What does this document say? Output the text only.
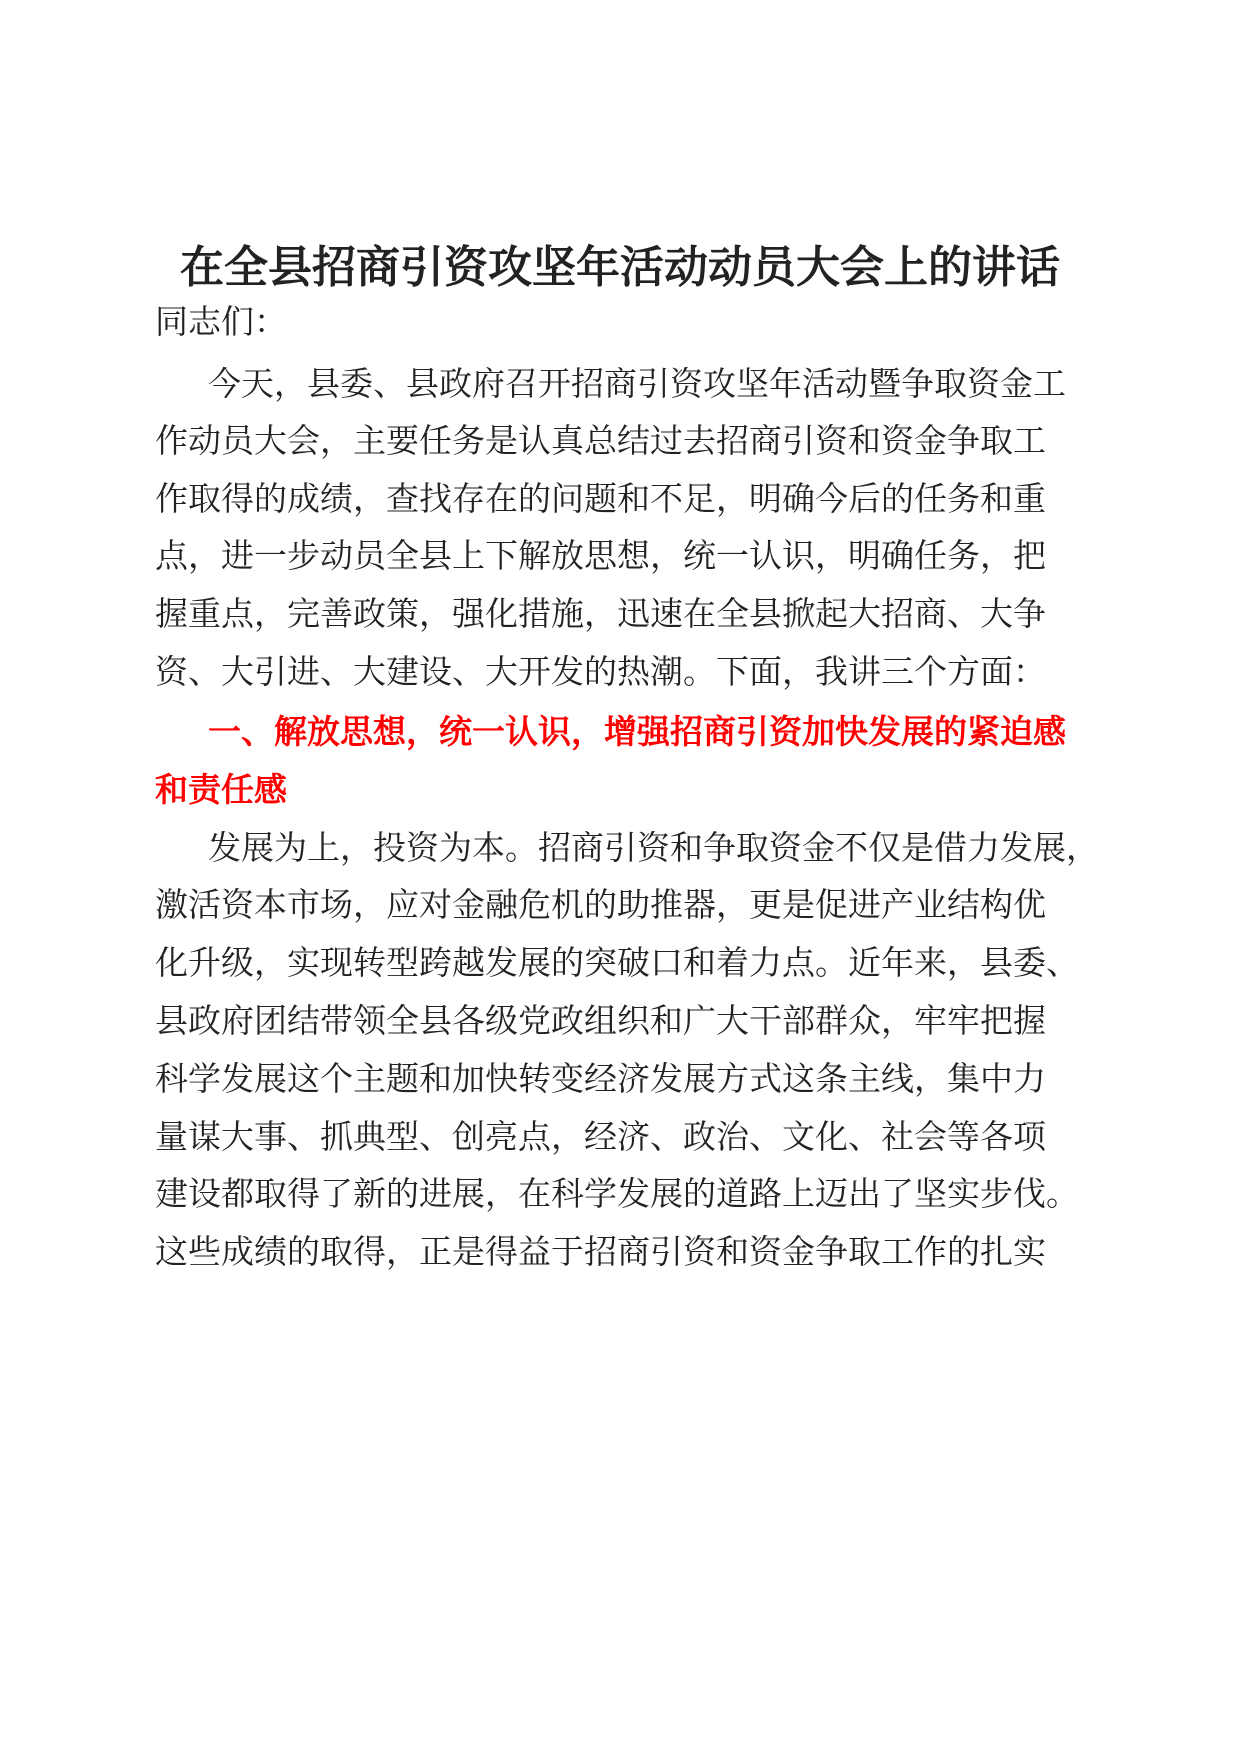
在全县招商引资攻坚年活动动员大会上的讲话
同志们：
今天，县委、县政府召开招商引资攻坚年活动暨争取资金工
作动员大会，主要任务是认真总结过去招商引资和资金争取工
作取得的成绩，查找存在的问题和不足，明确今后的任务和重
点，进一步动员全县上下解放思想，统一认识，明确任务，把
握重点，完善政策，强化措施，迅速在全县掀起大招商、大争
资、大引进、大建设、大开发的热潮。下面，我讲三个方面：
一、解放思想，统一认识，增强招商引资加快发展的紧迫感
和责任感
发展为上，投资为本。招商引资和争取资金不仅是借力发展，
激活资本市场，应对金融危机的助推器，更是促进产业结构优
化升级，实现转型跨越发展的突破口和着力点。近年来，县委、
县政府团结带领全县各级党政组织和广大干部群众，牢牢把握
科学发展这个主题和加快转变经济发展方式这条主线，集中力
量谋大事、抓典型、创亮点，经济、政治、文化、社会等各项
建设都取得了新的进展，在科学发展的道路上迈出了坚实步伐。
这些成绩的取得，正是得益于招商引资和资金争取工作的扎实
